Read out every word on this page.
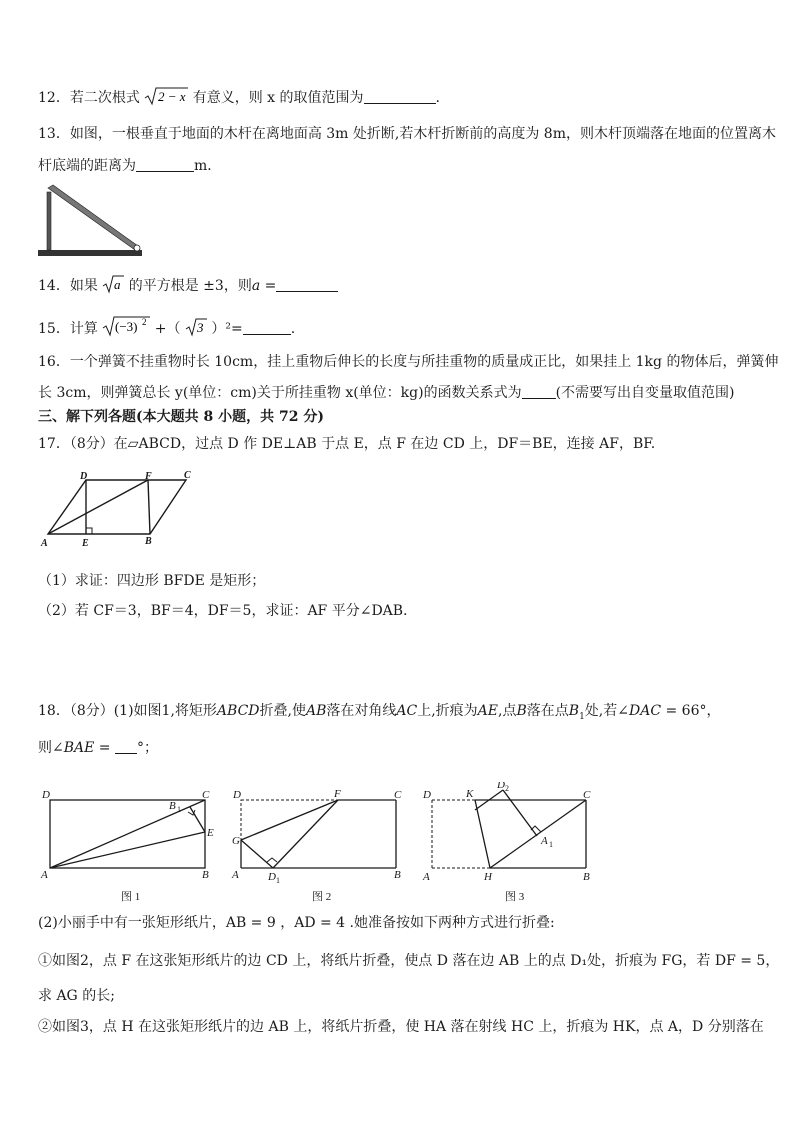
12．若二次根式 2 − x 有意义，则 x 的取值范围为	.
13．如图，一根垂直于地面的木杆在离地面高 3m 处折断,若木杆折断前的高度为 8m，则木杆顶端落在地面的位置离木
杆底端的距离为	m．
14．如果 a 的平方根是 ±3，则a =
15．计算 (−3) 2 +（ 3 ）²=	.
16．一个弹簧不挂重物时长 10cm，挂上重物后伸长的长度与所挂重物的质量成正比，如果挂上 1kg 的物体后，弹簧伸
长 3cm，则弹簧总长 y(单位：cm)关于所挂重物 x(单位：kg)的函数关系式为 (不需要写出自变量取值范围)
三、解下列各题(本大题共 8 小题，共 72 分)
17．（8分）在▱ABCD，过点 D 作 DE⊥AB 于点 E，点 F 在边 CD 上，DF＝BE，连接 AF，BF.
D	F	C
A	E	B
（1）求证：四边形 BFDE 是矩形；
（2）若 CF＝3，BF＝4，DF＝5，求证：AF 平分∠DAB．
18．（8分）(1)如图1,将矩形ABCD折叠,使AB落在对角线AC上,折痕为AE,点B落在点$B_1$处,若∠DAC = 66°，
则∠BAE = °；
D	C
A	B
E
B 1
图 1
D	F	C
G
A	D 1	B
图 2
D	K
D 2
C
A 1
A	H	B
图 3
(2)小丽手中有一张矩形纸片，AB = 9 ，AD = 4 .她准备按如下两种方式进行折叠:
①如图2，点 F 在这张矩形纸片的边 CD 上，将纸片折叠，使点 D 落在边 AB 上的点 D₁处，折痕为 FG，若 DF = 5，
求 AG 的长;
②如图3，点 H 在这张矩形纸片的边 AB 上，将纸片折叠，使 HA 落在射线 HC 上，折痕为 HK，点 A，D 分别落在
